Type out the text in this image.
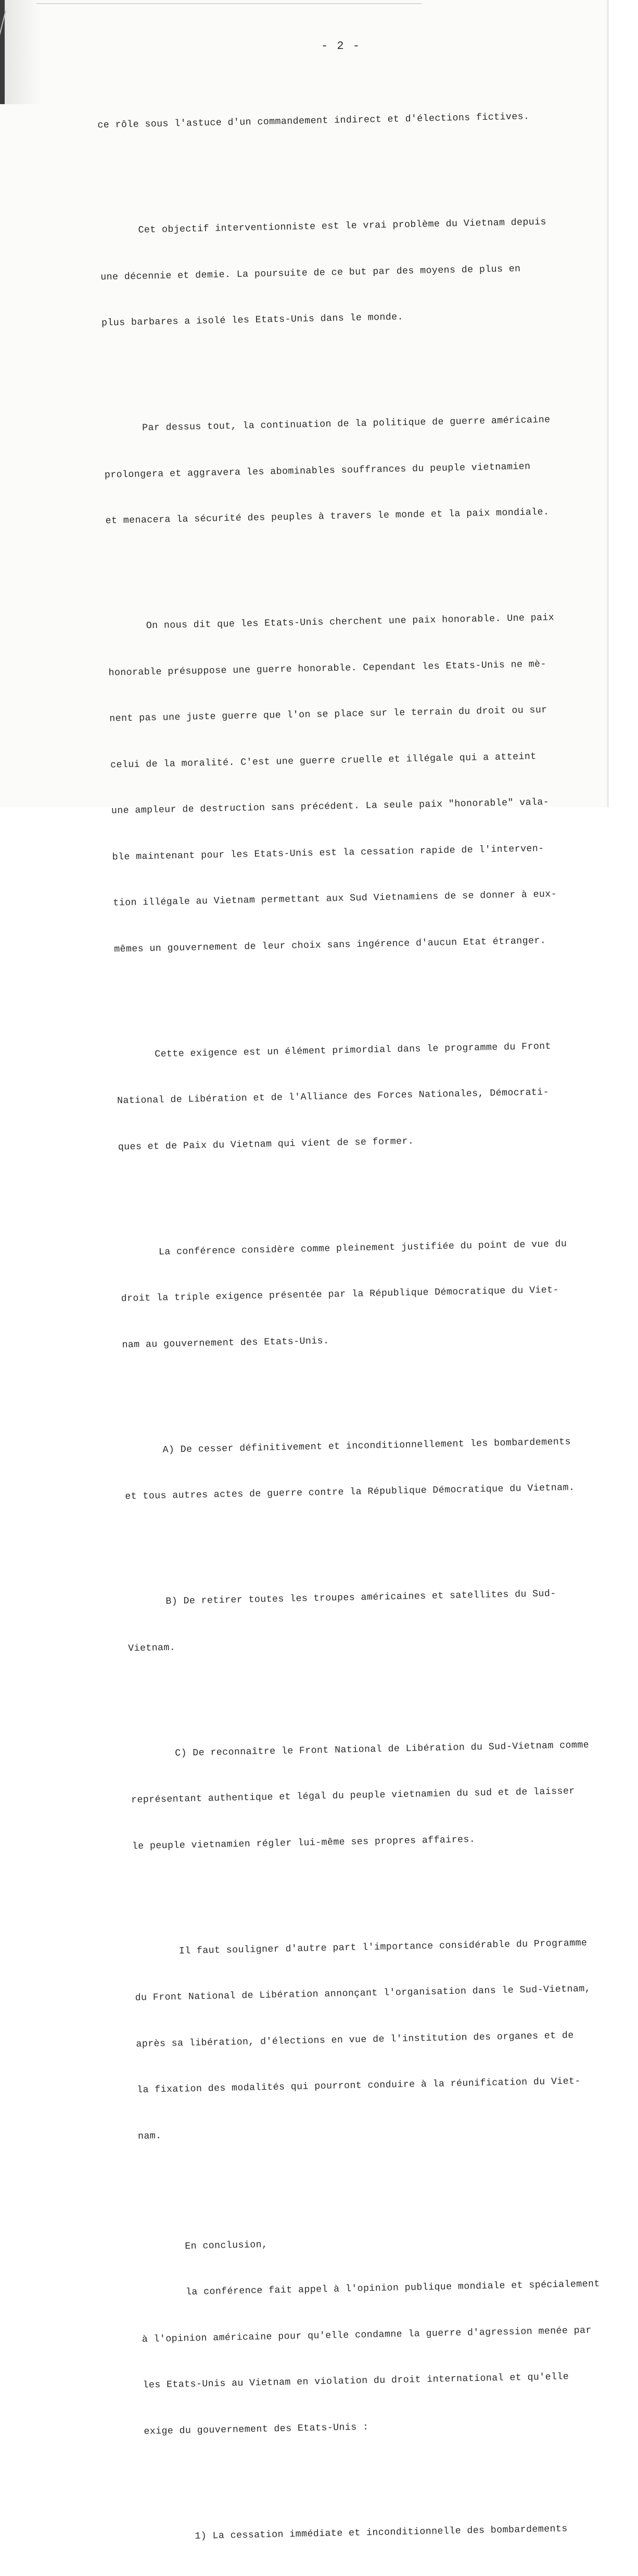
- 2 -

ce rôle sous l'astuce d'un commandement indirect et d'élections fictives.

Cet objectif interventionniste est le vrai problème du Vietnam depuis

une décennie et demie. La poursuite de ce but par des moyens de plus en

plus barbares a isolé les Etats-Unis dans le monde.

Par dessus tout, la continuation de la politique de guerre américaine

prolongera et aggravera les abominables souffrances du peuple vietnamien

et menacera la sécurité des peuples à travers le monde et la paix mondiale.

On nous dit que les Etats-Unis cherchent une paix honorable. Une paix

honorable présuppose une guerre honorable. Cependant les Etats-Unis ne mè-

nent pas une juste guerre que l'on se place sur le terrain du droit ou sur

celui de la moralité. C'est une guerre cruelle et illégale qui a atteint

une ampleur de destruction sans précédent. La seule paix "honorable" vala-

ble maintenant pour les Etats-Unis est la cessation rapide de l'interven-

tion illégale au Vietnam permettant aux Sud Vietnamiens de se donner à eux-

mêmes un gouvernement de leur choix sans ingérence d'aucun Etat étranger.

Cette exigence est un élément primordial dans le programme du Front

National de Libération et de l'Alliance des Forces Nationales, Démocrati-

ques et de Paix du Vietnam qui vient de se former.

La conférence considère comme pleinement justifiée du point de vue du

droit la triple exigence présentée par la République Démocratique du Viet-

nam au gouvernement des Etats-Unis.

A) De cesser définitivement et inconditionnellement les bombardements

et tous autres actes de guerre contre la République Démocratique du Vietnam.

B) De retirer toutes les troupes américaines et satellites du Sud-

Vietnam.

C) De reconnaître le Front National de Libération du Sud-Vietnam comme

représentant authentique et légal du peuple vietnamien du sud et de laisser

le peuple vietnamien régler lui-même ses propres affaires.

Il faut souligner d'autre part l'importance considérable du Programme

du Front National de Libération annonçant l'organisation dans le Sud-Vietnam,

après sa libération, d'élections en vue de l'institution des organes et de

la fixation des modalités qui pourront conduire à la réunification du Viet-

nam.

En conclusion,

la conférence fait appel à l'opinion publique mondiale et spécialement

à l'opinion américaine pour qu'elle condamne la guerre d'agression menée par

les Etats-Unis au Vietnam en violation du droit international et qu'elle

exige du gouvernement des Etats-Unis :

1) La cessation immédiate et inconditionnelle des bombardements
